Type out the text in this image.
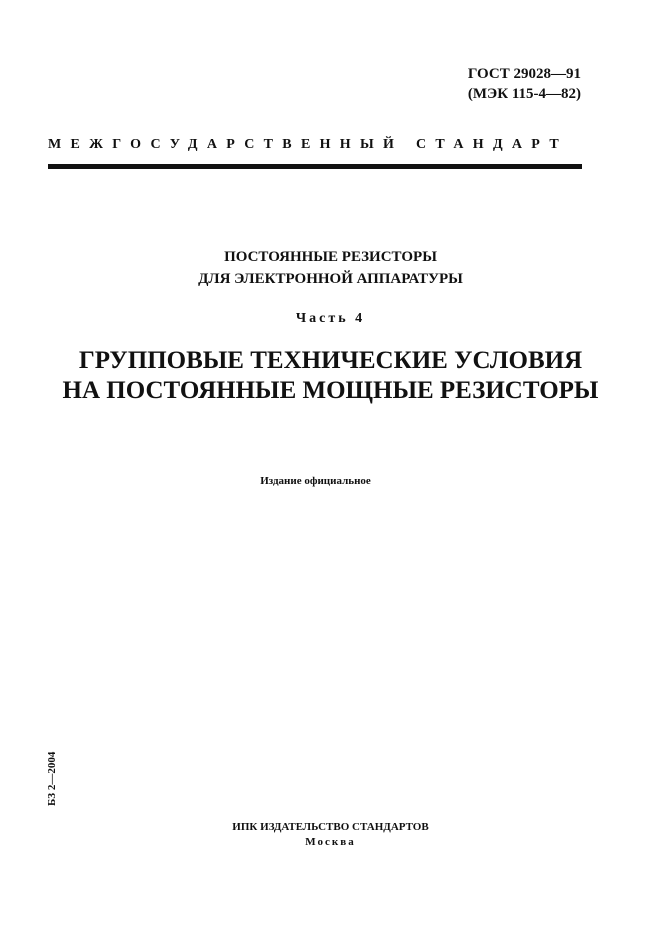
ГОСТ 29028—91
(МЭК 115-4—82)
МЕЖГОСУДАРСТВЕННЫЙ СТАНДАРТ
ПОСТОЯННЫЕ РЕЗИСТОРЫ
ДЛЯ ЭЛЕКТРОННОЙ АППАРАТУРЫ
Часть 4
ГРУППОВЫЕ ТЕХНИЧЕСКИЕ УСЛОВИЯ
НА ПОСТОЯННЫЕ МОЩНЫЕ РЕЗИСТОРЫ
Издание официальное
БЗ 2—2004
ИПК ИЗДАТЕЛЬСТВО СТАНДАРТОВ
Москва
